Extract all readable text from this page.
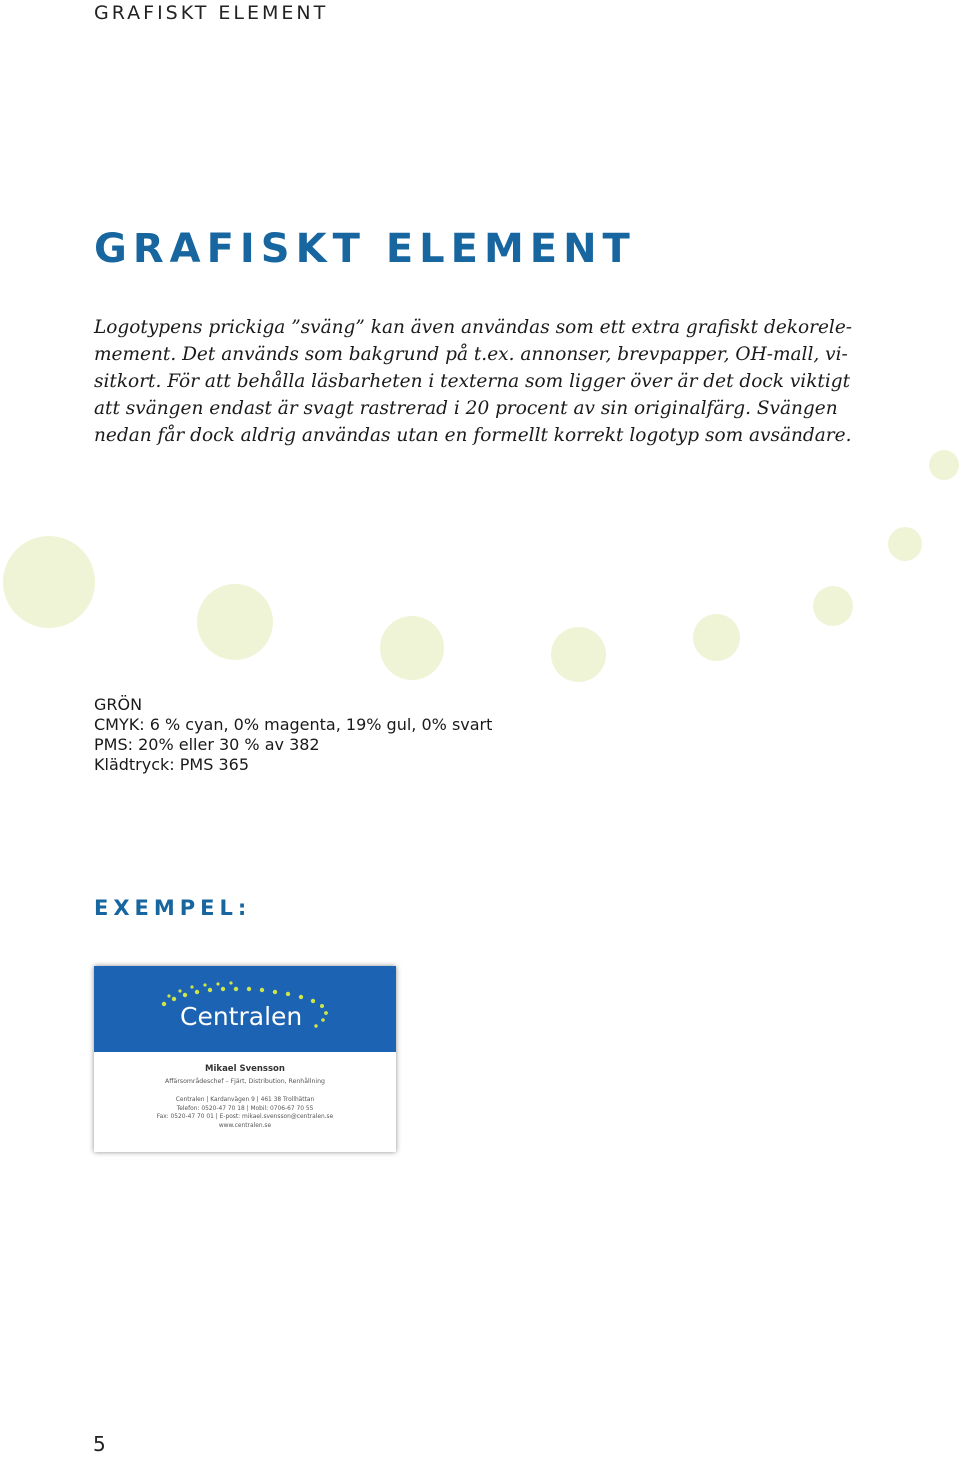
GRAFISKT ELEMENT
GRAFISKT ELEMENT
Logotypens prickiga ”sväng” kan även användas som ett extra grafiskt dekorele-
mement. Det används som bakgrund på t.ex. annonser, brevpapper, OH-mall, vi-
sitkort. För att behålla läsbarheten i texterna som ligger över är det dock viktigt
att svängen endast är svagt rastrerad i 20 procent av sin originalfärg. Svängen
nedan får dock aldrig användas utan en formellt korrekt logotyp som avsändare.
GRÖN
CMYK: 6 % cyan, 0% magenta, 19% gul, 0% svart
PMS: 20% eller 30 % av 382
Klädtryck: PMS 365
EXEMPEL:
Centralen
Mikael Svensson
Affärsområdeschef – Fjärt, Distribution, Renhållning
Centralen | Kardanvägen 9 | 461 38 Trollhättan
Telefon: 0520-47 70 18 | Mobil: 0706-67 70 55
Fax: 0520-47 70 01 | E-post: mikael.svensson@centralen.se
www.centralen.se
5
